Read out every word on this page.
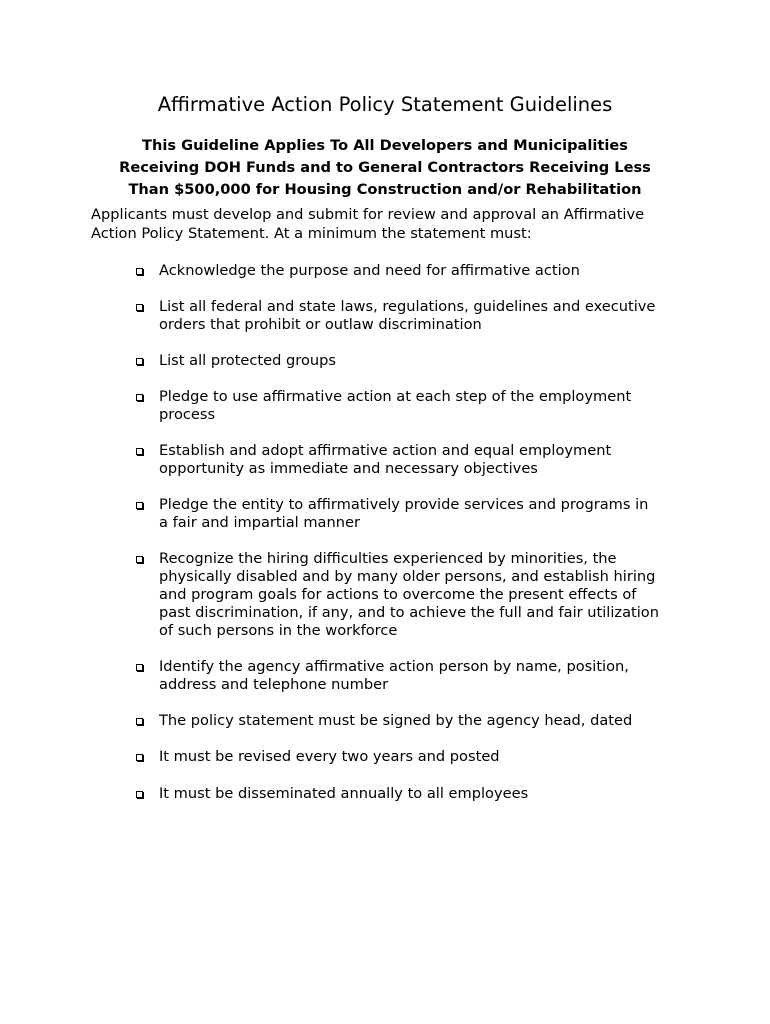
Affirmative Action Policy Statement Guidelines
This Guideline Applies To All Developers and Municipalities
Receiving DOH Funds and to General Contractors Receiving Less
Than $500,000 for Housing Construction and/or Rehabilitation
Applicants must develop and submit for review and approval an Affirmative
Action Policy Statement. At a minimum the statement must:
Acknowledge the purpose and need for affirmative action
List all federal and state laws, regulations, guidelines and executive
orders that prohibit or outlaw discrimination
List all protected groups
Pledge to use affirmative action at each step of the employment
process
Establish and adopt affirmative action and equal employment
opportunity as immediate and necessary objectives
Pledge the entity to affirmatively provide services and programs in
a fair and impartial manner
Recognize the hiring difficulties experienced by minorities, the
physically disabled and by many older persons, and establish hiring
and program goals for actions to overcome the present effects of
past discrimination, if any, and to achieve the full and fair utilization
of such persons in the workforce
Identify the agency affirmative action person by name, position,
address and telephone number
The policy statement must be signed by the agency head, dated
It must be revised every two years and posted
It must be disseminated annually to all employees
